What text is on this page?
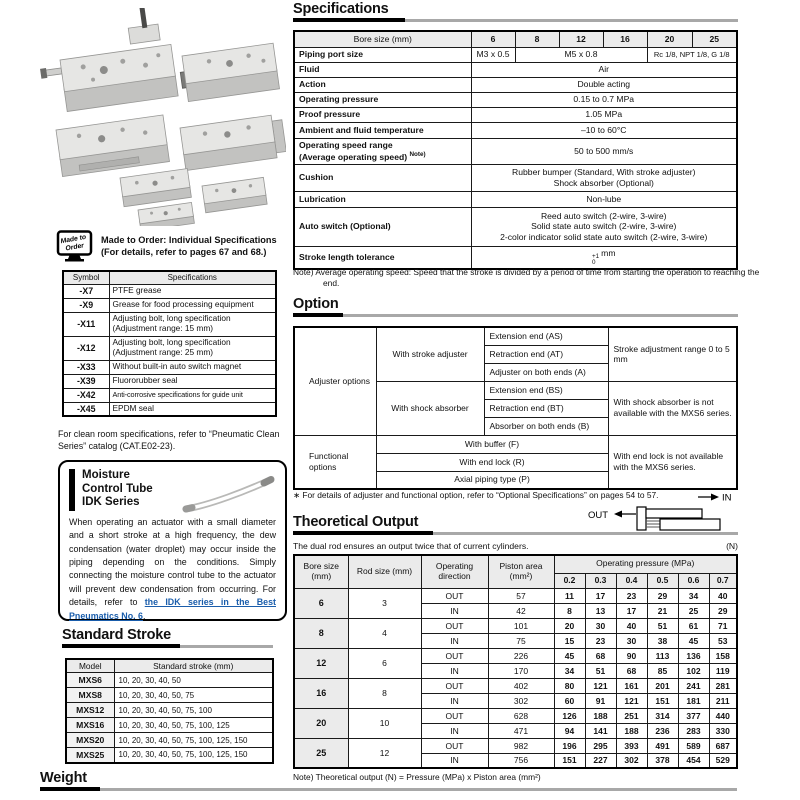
Made to
Order
Made to Order: Individual Specifications
(For details, refer to pages 67 and 68.)
Symbol	Specifications
-X7	PTFE grease
-X9	Grease for food processing equipment
-X11	Adjusting bolt, long specification (Adjustment range: 15 mm)
-X12	Adjusting bolt, long specification (Adjustment range: 25 mm)
-X33	Without built-in auto switch magnet
-X39	Fluororubber seal
-X42	Anti-corrosive specifications for guide unit
-X45	EPDM seal
For clean room specifications, refer to “Pneumatic Clean Series” catalog (CAT.E02-23).
Moisture
Control Tube
IDK Series
When operating an actuator with a small diameter and a short stroke at a high frequency, the dew condensation (water droplet) may occur inside the piping depending on the conditions. Simply connecting the moisture control tube to the actuator will prevent dew condensation from occurring. For details, refer to the IDK series in the Best Pneumatics No. 6.
Standard Stroke
Model	Standard stroke (mm)
MXS6	10, 20, 30, 40, 50
MXS8	10, 20, 30, 40, 50, 75
MXS12	10, 20, 30, 40, 50, 75, 100
MXS16	10, 20, 30, 40, 50, 75, 100, 125
MXS20	10, 20, 30, 40, 50, 75, 100, 125, 150
MXS25	10, 20, 30, 40, 50, 75, 100, 125, 150
Weight
Specifications
Bore size (mm)	6	8	12	16	20	25
Piping port size	M3 x 0.5	M5 x 0.8			Rc 1/8, NPT 1/8, G 1/8	
Fluid	Air					
Action	Double acting					
Operating pressure	0.15 to 0.7 MPa					
Proof pressure	1.05 MPa					
Ambient and fluid temperature	–10 to 60°C					

Operating speed range
(Average operating speed) $^{Note)}$	50 to 500 mm/s					
Cushion	Rubber bumper (Standard, With stroke adjuster)
Shock absorber (Optional)					

Lubrication	Non-lube					
Auto switch (Optional)	Reed auto switch (2-wire, 3-wire)
Solid state auto switch (2-wire, 3-wire)
2-color indicator solid state auto switch (2-wire, 3-wire)					

Stroke length tolerance	+1
0
mm					
Note) Average operating speed: Speed that the stroke is divided by a period of time from starting the operation to reaching the end.
Option
Adjuster options	With stroke adjuster	Extension end (AS)	Stroke adjustment range 0 to 5 mm
		Retraction end (AT)	
		Adjuster on both ends (A)	
	With shock absorber	Extension end (BS)	With shock absorber is not available with the MXS6 series.
		Retraction end (BT)	
		Absorber on both ends (B)	
Functional options	With buffer (F)		With end lock is not available with the MXS6 series.
	With end lock (R)		
	Axial piping type (P)		
∗ For details of adjuster and functional option, refer to “Optional Specifications” on pages 54 to 57.
OUT
IN
Theoretical Output
The dual rod ensures an output twice that of current cylinders.	(N)
Bore size (mm)	Rod size (mm)	Operating direction	Piston area (mm²)	Operating pressure (MPa)					
				0.2	0.3	0.4	0.5	0.6	0.7
6	3	OUT	57	11	17	23	29	34	40
		IN	42	8	13	17	21	25	29
8	4	OUT	101	20	30	40	51	61	71
		IN	75	15	23	30	38	45	53
12	6	OUT	226	45	68	90	113	136	158
		IN	170	34	51	68	85	102	119
16	8	OUT	402	80	121	161	201	241	281
		IN	302	60	91	121	151	181	211
20	10	OUT	628	126	188	251	314	377	440
		IN	471	94	141	188	236	283	330
25	12	OUT	982	196	295	393	491	589	687
		IN	756	151	227	302	378	454	529
Note) Theoretical output (N) = Pressure (MPa) x Piston area (mm²)
